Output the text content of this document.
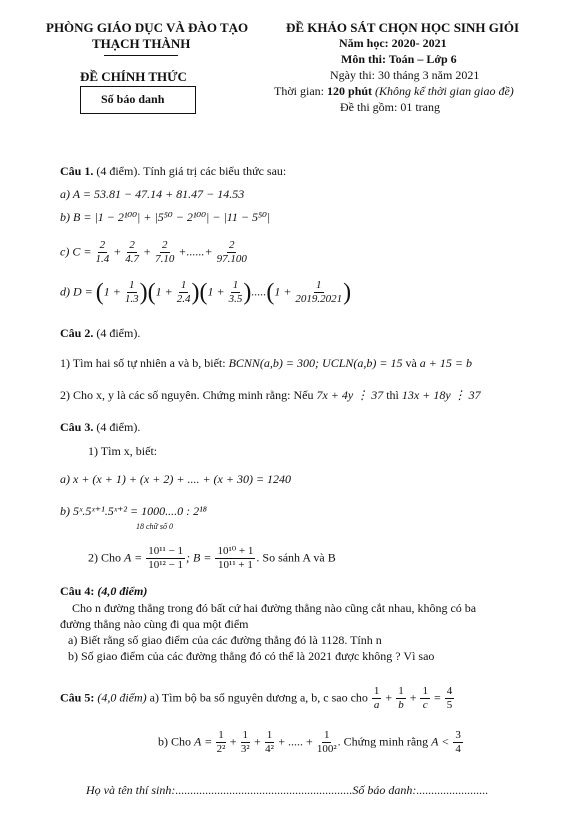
PHÒNG GIÁO DỤC VÀ ĐÀO TẠO
THẠCH THÀNH
ĐỀ CHÍNH THỨC
Số báo danh
ĐỀ KHẢO SÁT CHỌN HỌC SINH GIỎI
Năm học: 2020- 2021
Môn thi: Toán – Lớp 6
Ngày thi: 30 tháng 3 năm 2021
Thời gian: 120 phút (Không kể thời gian giao đề)
Đề thi gồm: 01 trang
Câu 1. (4 điểm). Tính giá trị các biểu thức sau:
a) A = 53.81 − 47.14 + 81.47 − 14.53
b) B = |1 − 2¹⁰⁰| + |5⁵⁰ − 2¹⁰⁰| − |11 − 5⁵⁰|
c) $C = \frac{2}{1.4} + \frac{2}{4.7} + \frac{2}{7.10}$ +......+ $\frac{2}{97.100}$
d) $D = (1 + \frac{1}{1.3} )(1 + \frac{1}{2.4} )(1 + \frac{1}{3.5} ).....(1 + \frac{1}{2019.2021}$ )
Câu 2. (4 điểm).
1) Tìm hai số tự nhiên a và b, biết: BCNN(a,b) = 300; UCLN(a,b) = 15 và a + 15 = b
2) Cho x, y là các số nguyên. Chứng minh rằng: Nếu 7x + 4y ⋮ 37 thì 13x + 18y ⋮ 37
Câu 3. (4 điểm).
1) Tìm x, biết:
a) x + (x + 1) + (x + 2) + .... + (x + 30) = 1240
b) 5ˣ.5ˣ⁺¹.5ˣ⁺² = 1000....0 : 2¹⁸
18 chữ số 0
2) Cho $A = \frac{\text{10¹¹ − 1}}{\text{10¹² − 1}}$ ; $B = \frac{\text{10¹⁰ + 1}}{\text{10¹¹ + 1}}$ . So sánh A và B
Câu 4: (4,0 điểm)
Cho n đường thẳng trong đó bất cứ hai đường thẳng nào cũng cắt nhau, không có ba
đường thẳng nào cùng đi qua một điểm
a) Biết rằng số giao điểm của các đường thẳng đó là 1128. Tính n
b) Số giao điểm của các đường thẳng đó có thể là 2021 được không ? Vì sao
Câu 5: (4,0 điểm) a) Tìm bộ ba số nguyên dương a, b, c sao cho $\frac{1}{a} + \frac{1}{b} + \frac{1}{c} = \frac{4}{5}$
b) Cho $A = \frac{1}{\text{2²}} + \frac{1}{\text{3²}} + \frac{1}{\text{4²}}$ + ..... + $\frac{1}{\text{100²}}$ . Chứng minh rằng $A < \frac{3}{4}$
Họ và tên thí sinh:...........................................................Số báo danh:........................
